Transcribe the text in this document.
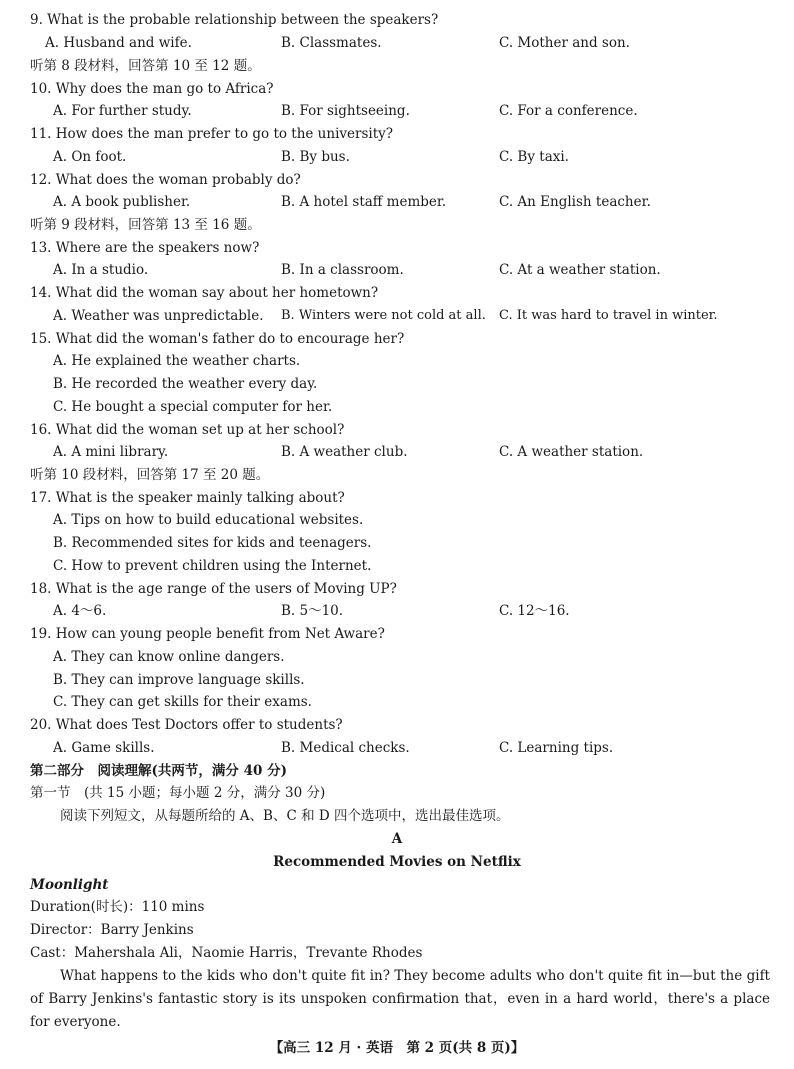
9. What is the probable relationship between the speakers?
A. Husband and wife.	B. Classmates.	C. Mother and son.
听第 8 段材料，回答第 10 至 12 题。
10. Why does the man go to Africa?
A. For further study.	B. For sightseeing.	C. For a conference.
11. How does the man prefer to go to the university?
A. On foot.	B. By bus.	C. By taxi.
12. What does the woman probably do?
A. A book publisher.	B. A hotel staff member.	C. An English teacher.
听第 9 段材料，回答第 13 至 16 题。
13. Where are the speakers now?
A. In a studio.	B. In a classroom.	C. At a weather station.
14. What did the woman say about her hometown?
A. Weather was unpredictable. B. Winters were not cold at all. C. It was hard to travel in winter.
15. What did the woman's father do to encourage her?
A. He explained the weather charts.
B. He recorded the weather every day.
C. He bought a special computer for her.
16. What did the woman set up at her school?
A. A mini library.	B. A weather club.	C. A weather station.
听第 10 段材料，回答第 17 至 20 题。
17. What is the speaker mainly talking about?
A. Tips on how to build educational websites.
B. Recommended sites for kids and teenagers.
C. How to prevent children using the Internet.
18. What is the age range of the users of Moving UP?
A. 4～6.	B. 5～10.	C. 12～16.
19. How can young people benefit from Net Aware?
A. They can know online dangers.
B. They can improve language skills.
C. They can get skills for their exams.
20. What does Test Doctors offer to students?
A. Game skills.	B. Medical checks.	C. Learning tips.
第二部分　阅读理解(共两节，满分 40 分)
第一节　(共 15 小题；每小题 2 分，满分 30 分)
阅读下列短文，从每题所给的 A、B、C 和 D 四个选项中，选出最佳选项。
A
Recommended Movies on Netflix
Moonlight
Duration(时长)：110 mins
Director：Barry Jenkins
Cast：Mahershala Ali，Naomie Harris，Trevante Rhodes
What happens to the kids who don't quite fit in? They become adults who don't quite fit in—but the gift of Barry Jenkins's fantastic story is its unspoken confirmation that，even in a hard world，there's a place for everyone.
【高三 12 月 · 英语　第 2 页(共 8 页)】
